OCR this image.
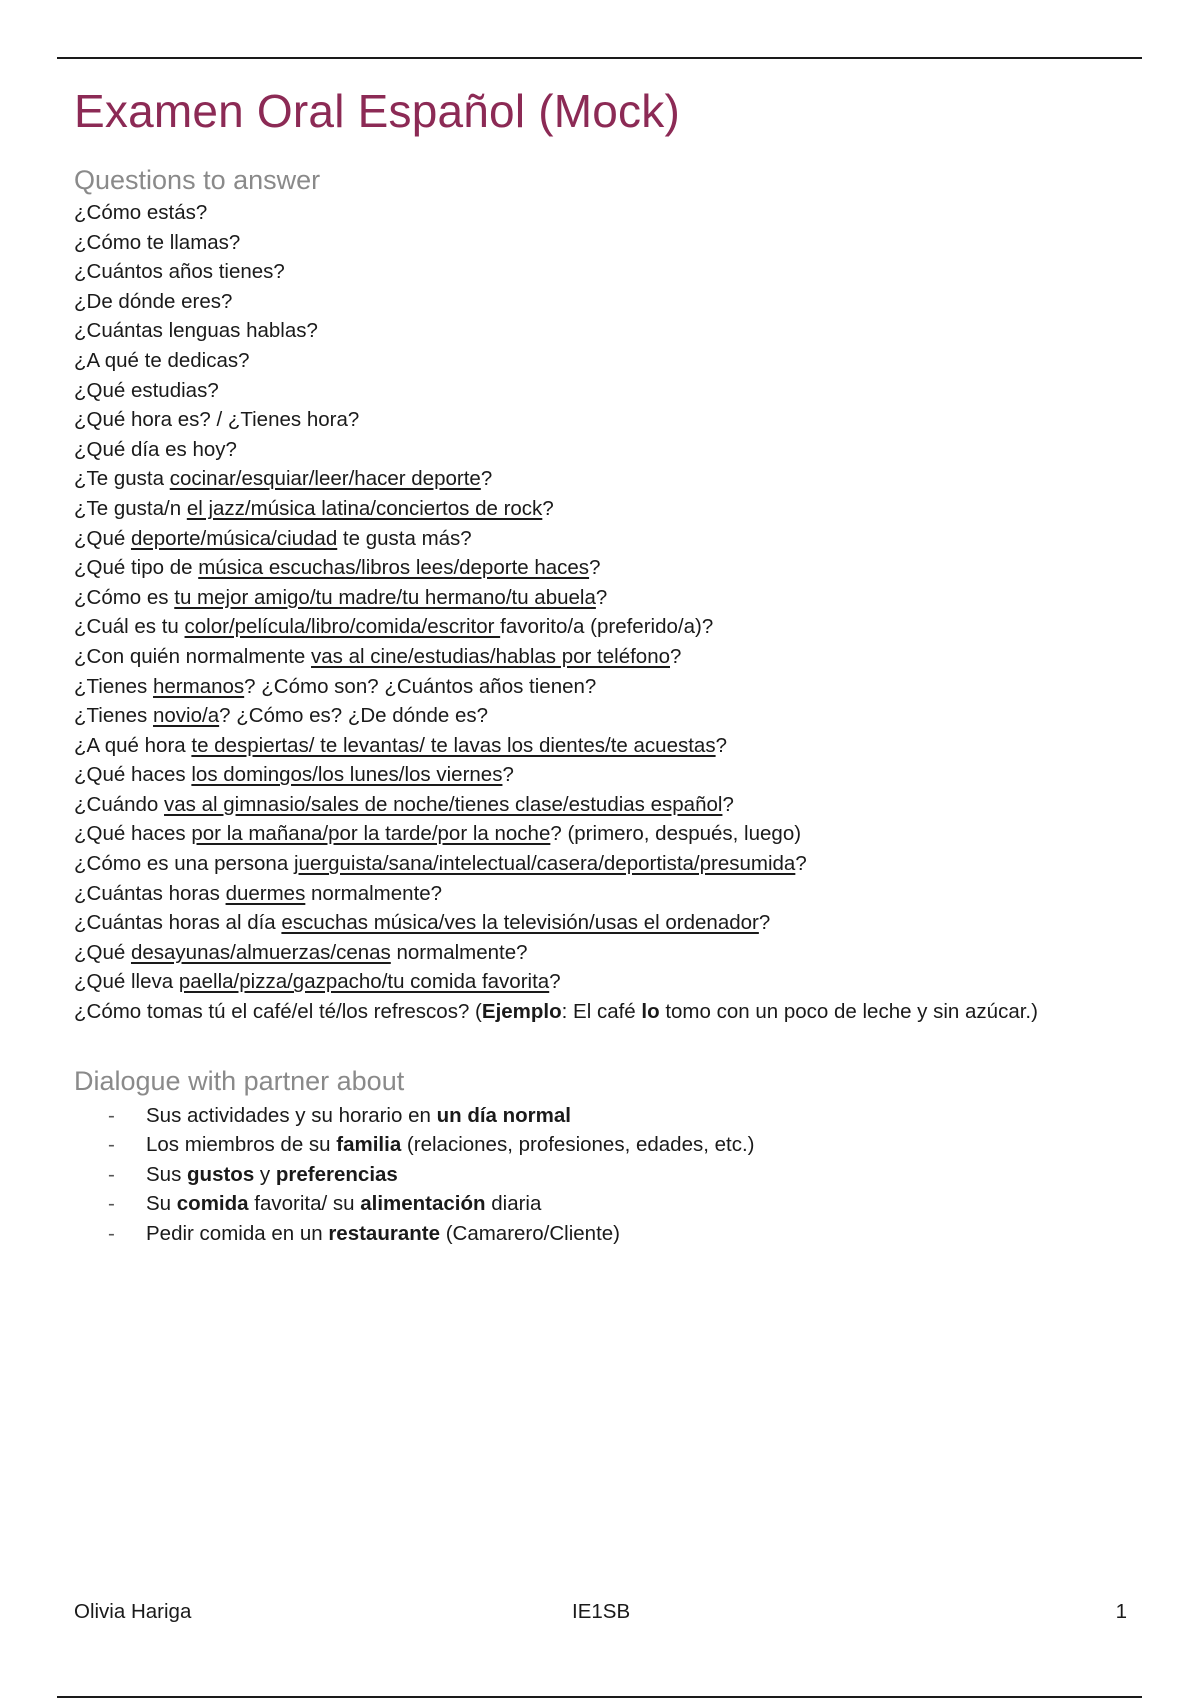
Examen Oral Español (Mock)
Questions to answer
¿Cómo estás?
¿Cómo te llamas?
¿Cuántos años tienes?
¿De dónde eres?
¿Cuántas lenguas hablas?
¿A qué te dedicas?
¿Qué estudias?
¿Qué hora es? / ¿Tienes hora?
¿Qué día es hoy?
¿Te gusta cocinar/esquiar/leer/hacer deporte?
¿Te gusta/n el jazz/música latina/conciertos de rock?
¿Qué deporte/música/ciudad te gusta más?
¿Qué tipo de música escuchas/libros lees/deporte haces?
¿Cómo es tu mejor amigo/tu madre/tu hermano/tu abuela?
¿Cuál es tu color/película/libro/comida/escritor favorito/a (preferido/a)?
¿Con quién normalmente vas al cine/estudias/hablas por teléfono?
¿Tienes hermanos? ¿Cómo son? ¿Cuántos años tienen?
¿Tienes novio/a? ¿Cómo es? ¿De dónde es?
¿A qué hora te despiertas/ te levantas/ te lavas los dientes/te acuestas?
¿Qué haces los domingos/los lunes/los viernes?
¿Cuándo vas al gimnasio/sales de noche/tienes clase/estudias español?
¿Qué haces por la mañana/por la tarde/por la noche? (primero, después, luego)
¿Cómo es una persona juerguista/sana/intelectual/casera/deportista/presumida?
¿Cuántas horas duermes normalmente?
¿Cuántas horas al día escuchas música/ves la televisión/usas el ordenador?
¿Qué desayunas/almuerzas/cenas normalmente?
¿Qué lleva paella/pizza/gazpacho/tu comida favorita?
¿Cómo tomas tú el café/el té/los refrescos? (Ejemplo: El café lo tomo con un poco de leche y sin azúcar.)
Dialogue with partner about
- Sus actividades y su horario en un día normal
- Los miembros de su familia (relaciones, profesiones, edades, etc.)
- Sus gustos y preferencias
- Su comida favorita/ su alimentación diaria
- Pedir comida en un restaurante (Camarero/Cliente)
Olivia Hariga	IE1SB	1
